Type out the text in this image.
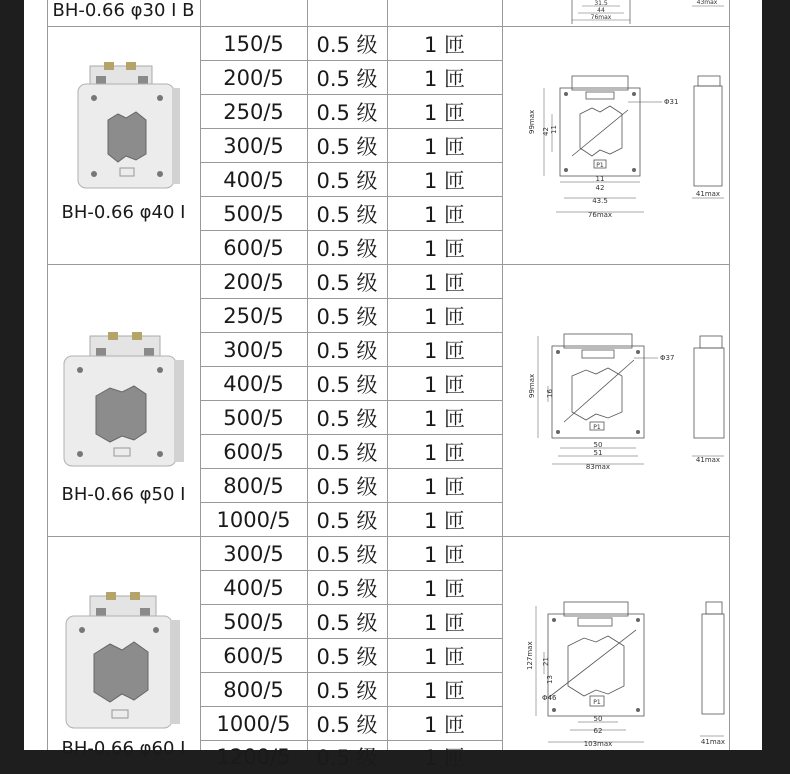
BH-0.66 φ30 I B	31.5
44
76max
43max
BH-0.66 φ40 I
150/5	0.5 级	1 匝
200/5	0.5 级	1 匝
250/5	0.5 级	1 匝
300/5	0.5 级	1 匝
400/5	0.5 级	1 匝
500/5	0.5 级	1 匝
600/5	0.5 级	1 匝
99max 42 11
Φ31
P1
11
42
43.5
76max
41max
BH-0.66 φ50 I
200/5	0.5 级	1 匝
250/5	0.5 级	1 匝
300/5	0.5 级	1 匝
400/5	0.5 级	1 匝
500/5	0.5 级	1 匝
600/5	0.5 级	1 匝
800/5	0.5 级	1 匝
1000/5	0.5 级	1 匝
99max 16
Φ37
P1
50
51
83max
41max
BH-0.66 φ60 I
300/5	0.5 级	1 匝
400/5	0.5 级	1 匝
500/5	0.5 级	1 匝
600/5	0.5 级	1 匝
800/5	0.5 级	1 匝
1000/5	0.5 级	1 匝
1200/5	0.5 级	1 匝
127max 21
13
Φ46
P1
50
62
103max	41max
